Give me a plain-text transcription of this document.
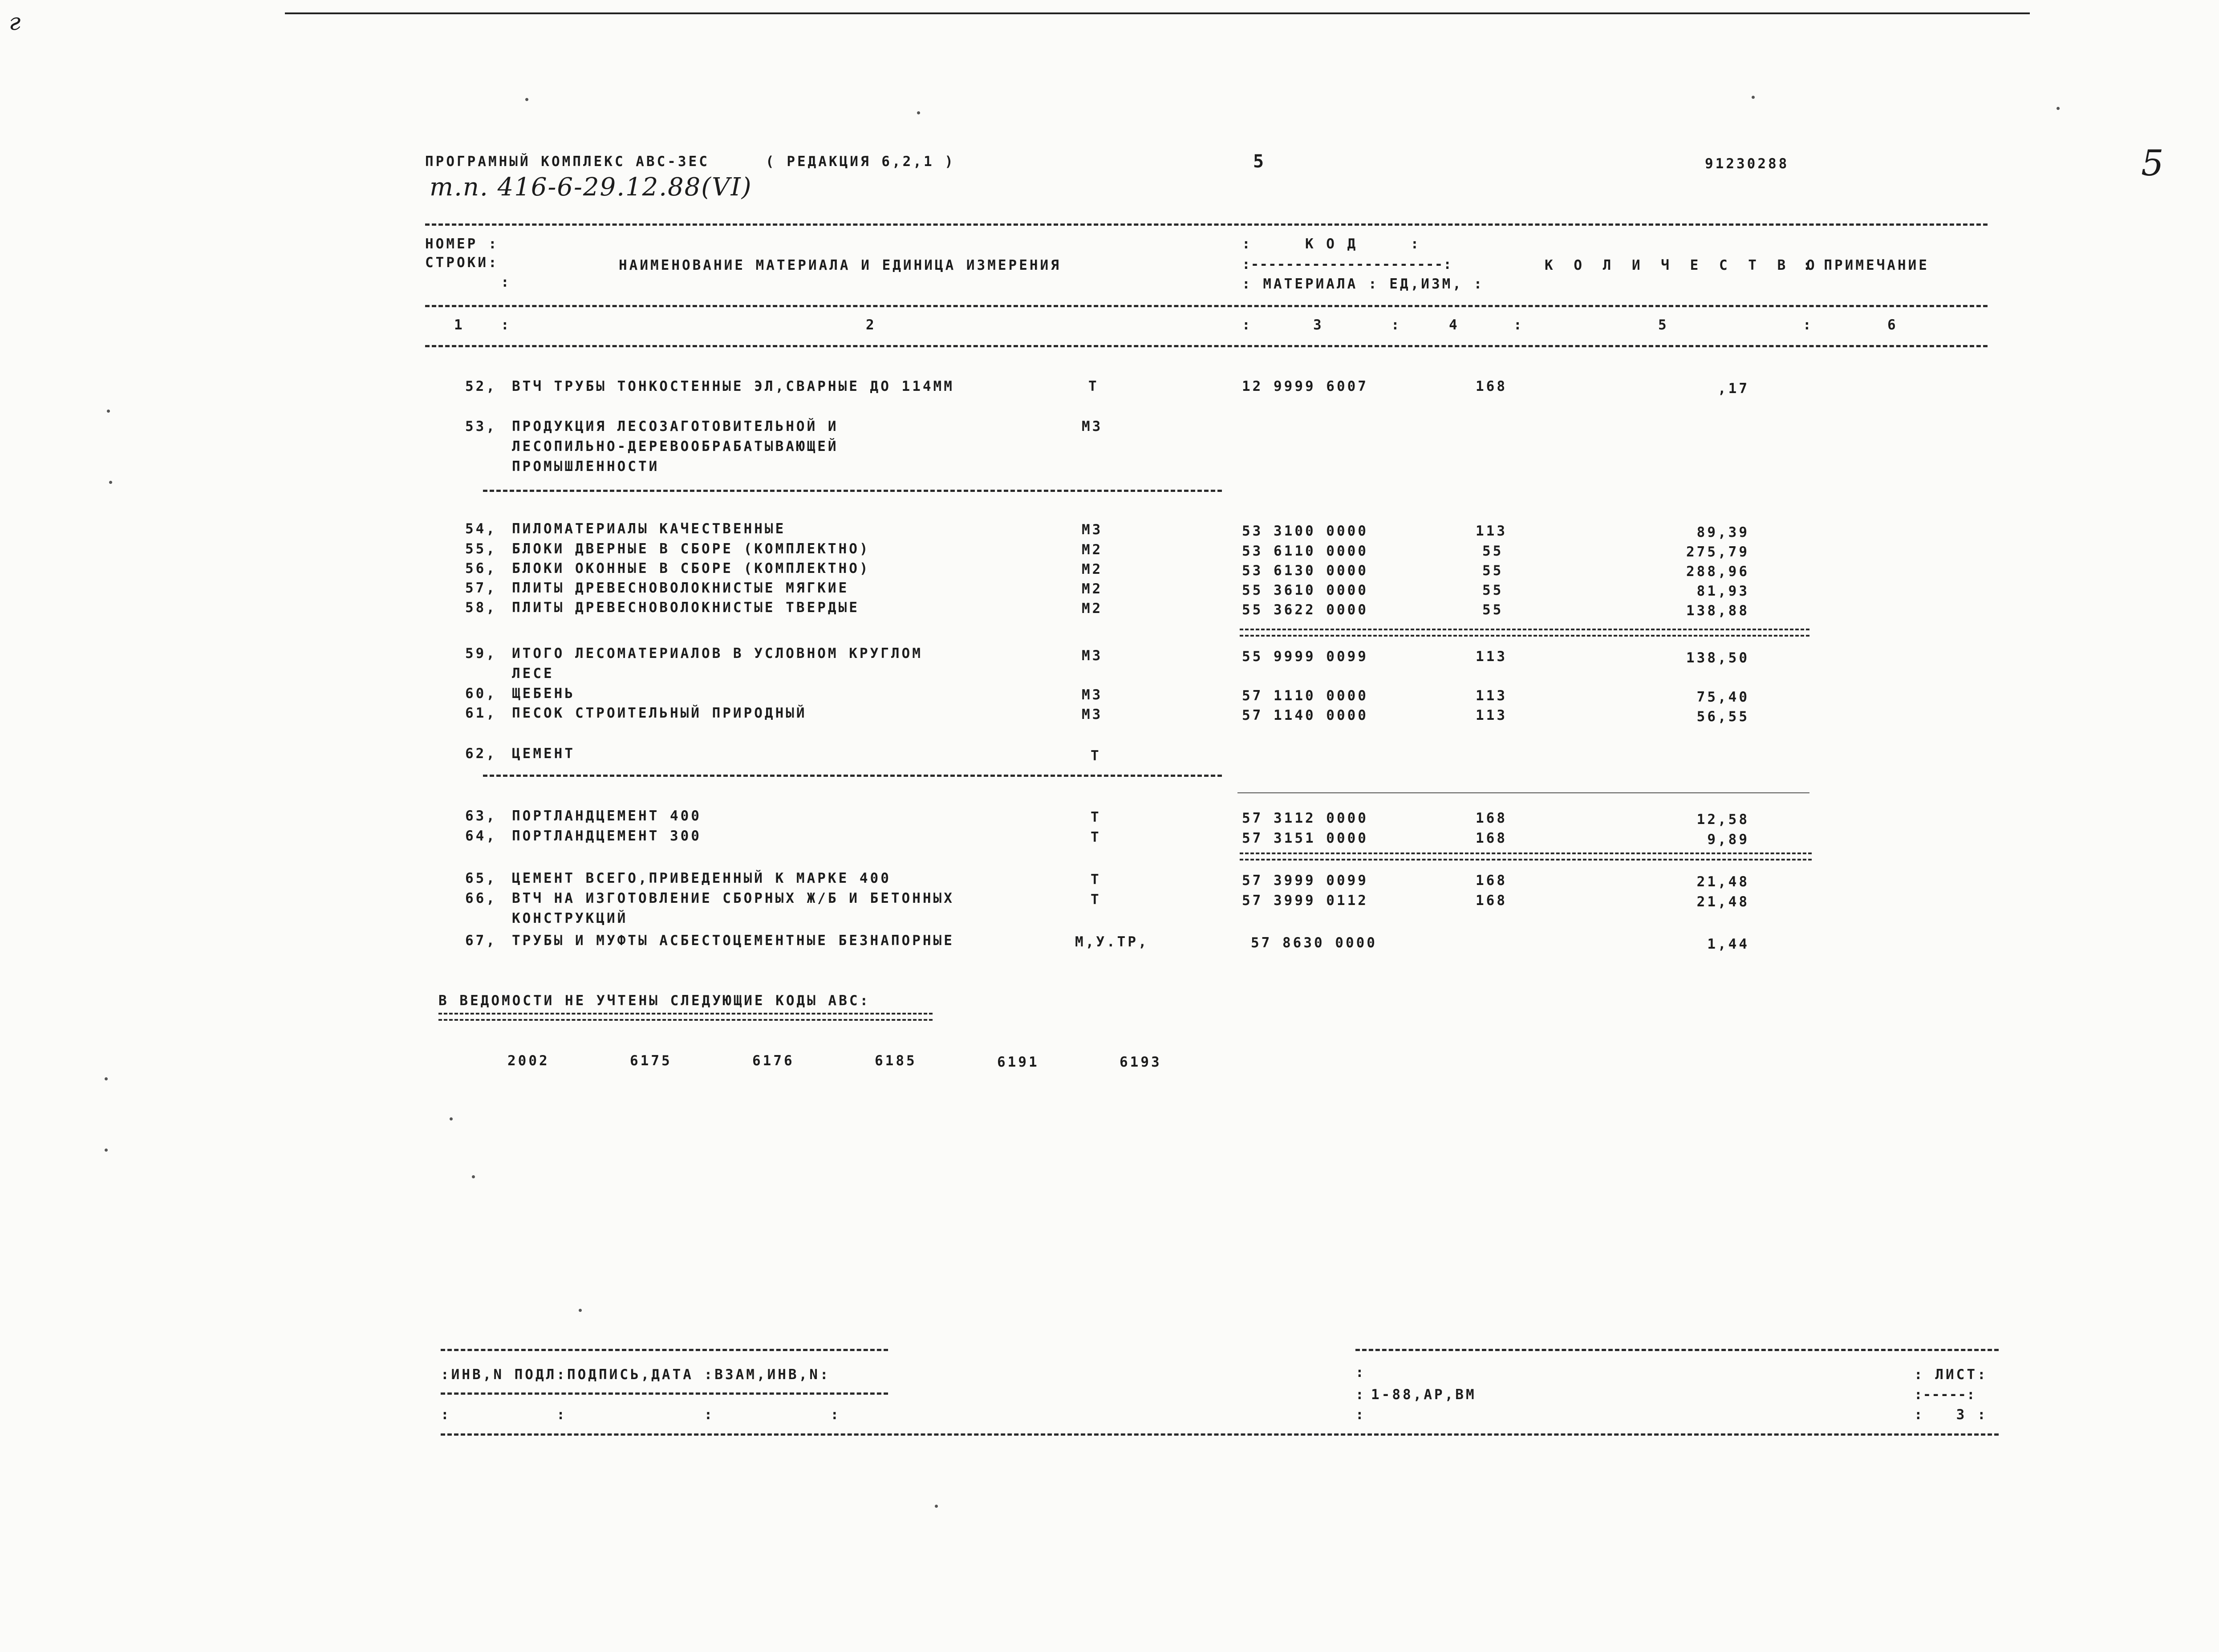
г
ПРОГРАМНЫЙ КОМПЛЕКС АВС-ЗЕС	( РЕДАКЦИЯ 6,2,1 )	5	91230288
т.п. 416-6-29.12.88(VI)
5
НОМЕР :
СТРОКИ:
:
НАИМЕНОВАНИЕ МАТЕРИАЛА И ЕДИНИЦА ИЗМЕРЕНИЯ
:     К О Д     :
:----------------------:
: МАТЕРИАЛА : ЕД,ИЗМ, :
К О Л И Ч Е С Т В О
: ПРИМЕЧАНИЕ
1	:	2	:	3	:	4	:	5	:	6
52, ВТЧ ТРУБЫ ТОНКОСТЕННЫЕ ЭЛ,СВАРНЫЕ ДО 114ММ	Т	12 9999 6007	168	,17
53, ПРОДУКЦИЯ ЛЕСОЗАГОТОВИТЕЛЬНОЙ И	М3
ЛЕСОПИЛЬНО-ДЕРЕВООБРАБАТЫВАЮЩЕЙ
ПРОМЫШЛЕННОСТИ
54, ПИЛОМАТЕРИАЛЫ КАЧЕСТВЕННЫЕ	М3	53 3100 0000	113	89,39
55, БЛОКИ ДВЕРНЫЕ В СБОРЕ (КОМПЛЕКТНО)	М2	53 6110 0000	55	275,79
56, БЛОКИ ОКОННЫЕ В СБОРЕ (КОМПЛЕКТНО)	М2	53 6130 0000	55	288,96
57, ПЛИТЫ ДРЕВЕСНОВОЛОКНИСТЫЕ МЯГКИЕ	М2	55 3610 0000	55	81,93
58, ПЛИТЫ ДРЕВЕСНОВОЛОКНИСТЫЕ ТВЕРДЫЕ	М2	55 3622 0000	55	138,88
59, ИТОГО ЛЕСОМАТЕРИАЛОВ В УСЛОВНОМ КРУГЛОМ	М3	55 9999 0099	113	138,50
ЛЕСЕ
60, ЩЕБЕНЬ	М3	57 1110 0000	113	75,40
61, ПЕСОК СТРОИТЕЛЬНЫЙ ПРИРОДНЫЙ	М3	57 1140 0000	113	56,55
62, ЦЕМЕНТ	Т
63, ПОРТЛАНДЦЕМЕНТ 400	Т	57 3112 0000	168	12,58
64, ПОРТЛАНДЦЕМЕНТ 300	Т	57 3151 0000	168	9,89
65, ЦЕМЕНТ ВСЕГО,ПРИВЕДЕННЫЙ К МАРКЕ 400	Т	57 3999 0099	168	21,48
66, ВТЧ НА ИЗГОТОВЛЕНИЕ СБОРНЫХ Ж/Б И БЕТОННЫХ	Т	57 3999 0112	168	21,48
КОНСТРУКЦИЙ
67, ТРУБЫ И МУФТЫ АСБЕСТОЦЕМЕНТНЫЕ БЕЗНАПОРНЫЕ	М,У.ТР,	57 8630 0000	1,44
В ВЕДОМОСТИ НЕ УЧТЕНЫ СЛЕДУЮЩИЕ КОДЫ АВС:
2002	6175	6176	6185	6191	6193
:ИНВ,N ПОДЛ:ПОДПИСЬ,ДАТА :ВЗАМ,ИНВ,N:
:          :             :           :
:
:
:
1-88,АР,ВМ
: ЛИСТ:
:-----:
:   3 :
